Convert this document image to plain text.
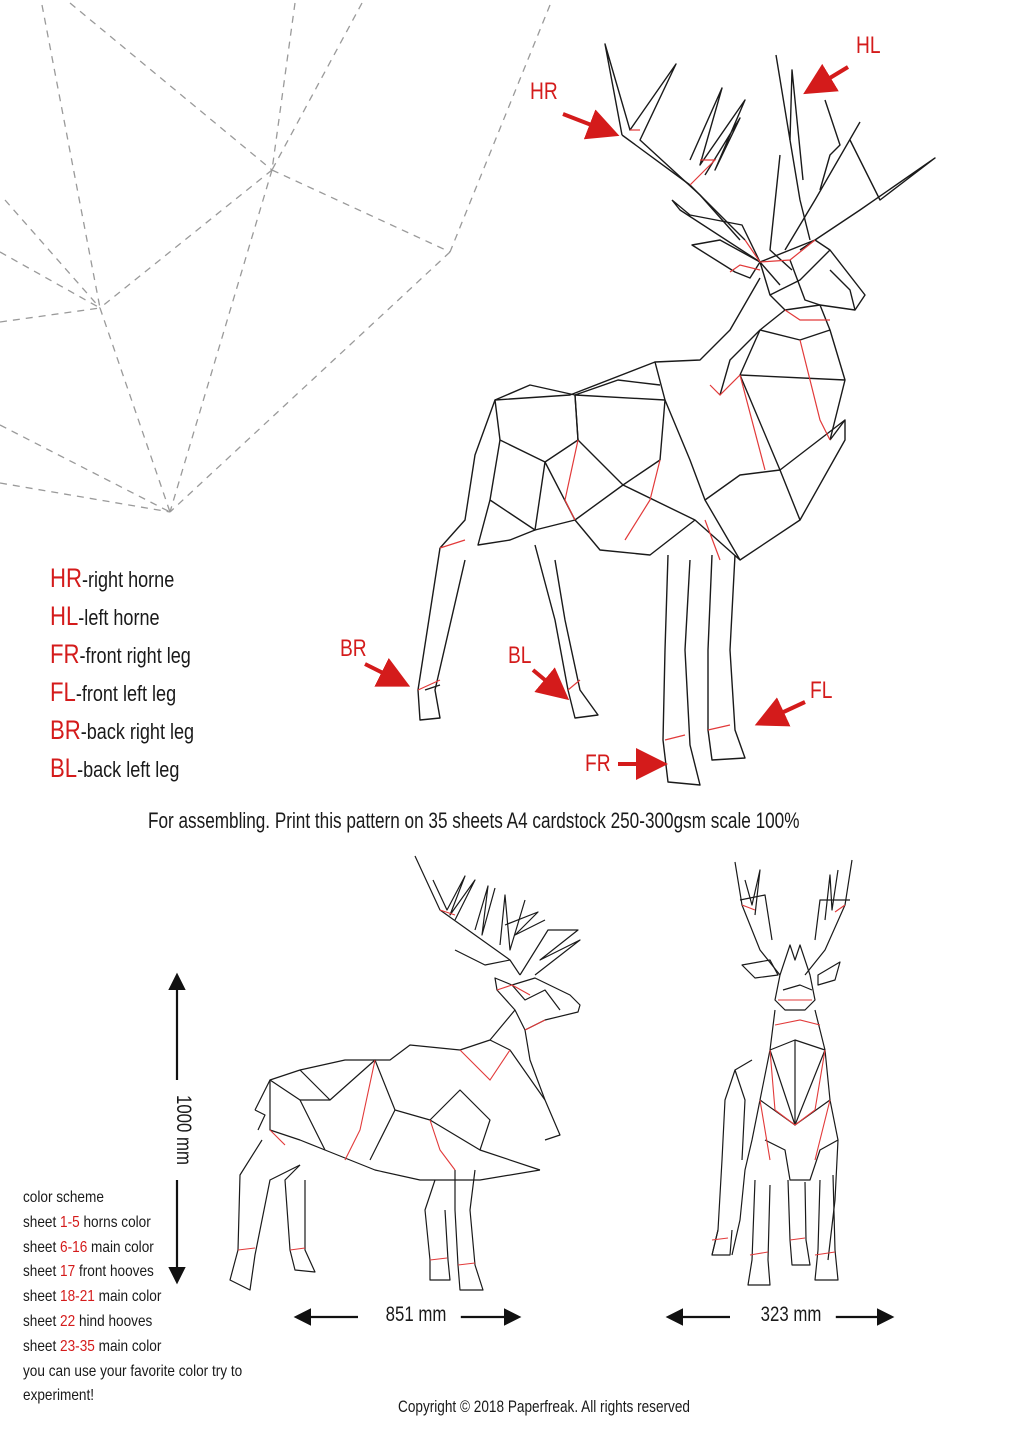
HR
HL
BR	BL
FL
FR
HR-right horne
HL-left horne
FR-front right leg
FL-front left leg
BR-back right leg
BL-back left leg
For assembling. Print this pattern on 35 sheets A4 cardstock 250-300gsm scale 100%
1000 mm
851 mm	323 mm
color scheme
sheet 1-5 horns color
sheet 6-16 main color
sheet 17 front hooves
sheet 18-21 main color
sheet 22 hind hooves
sheet 23-35 main color
you can use your favorite color try to
experiment!
Copyright © 2018 Paperfreak. All rights reserved
